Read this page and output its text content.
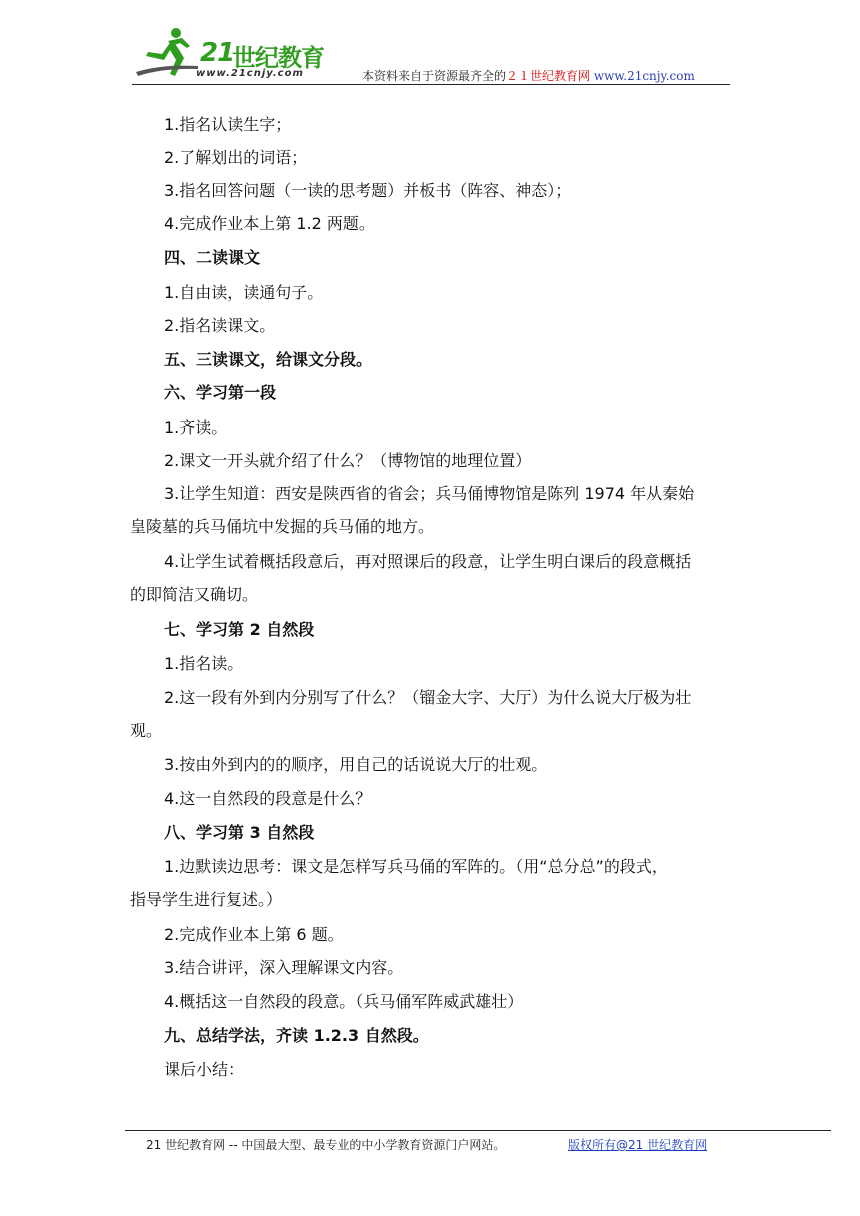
21
世纪教育
www.21cnjy.com	本资料来自于资源最齐全的２１世纪教育网 www.21cnjy.com
1.指名认读生字；
2.了解划出的词语；
3.指名回答问题（一读的思考题）并板书（阵容、神态）；
4.完成作业本上第 1.2 两题。
四、二读课文
1.自由读，读通句子。
2.指名读课文。
五、三读课文，给课文分段。
六、学习第一段
1.齐读。
2.课文一开头就介绍了什么？（博物馆的地理位置）
3.让学生知道：西安是陕西省的省会；兵马俑博物馆是陈列 1974 年从秦始
皇陵墓的兵马俑坑中发掘的兵马俑的地方。
4.让学生试着概括段意后，再对照课后的段意，让学生明白课后的段意概括
的即简洁又确切。
七、学习第 2 自然段
1.指名读。
2.这一段有外到内分别写了什么？（镏金大字、大厅）为什么说大厅极为壮
观。
3.按由外到内的的顺序，用自己的话说说大厅的壮观。
4.这一自然段的段意是什么？
八、学习第 3 自然段
1.边默读边思考：课文是怎样写兵马俑的军阵的。（用“总分总”的段式，
指导学生进行复述。）
2.完成作业本上第 6 题。
3.结合讲评，深入理解课文内容。
4.概括这一自然段的段意。（兵马俑军阵威武雄壮）
九、总结学法，齐读 1.2.3 自然段。
课后小结：
21 世纪教育网 -- 中国最大型、最专业的中小学教育资源门户网站。	版权所有@21 世纪教育网
